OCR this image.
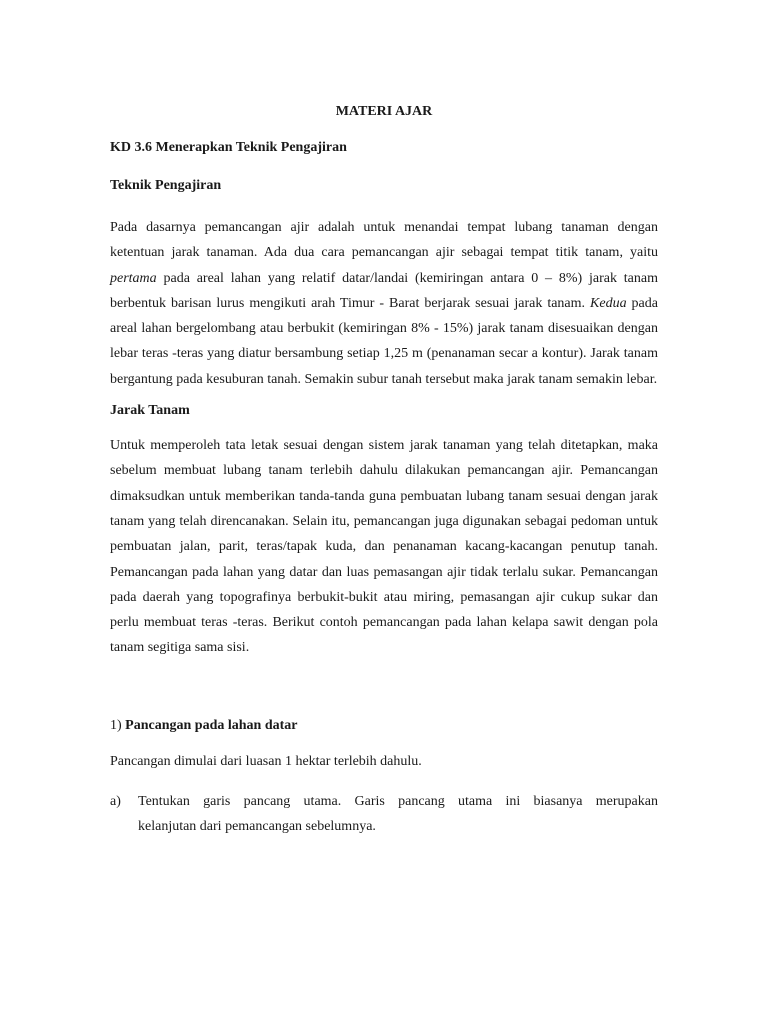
MATERI AJAR
KD 3.6 Menerapkan Teknik Pengajiran
Teknik Pengajiran

Pada dasarnya pemancangan ajir adalah untuk menandai tempat lubang tanaman dengan ketentuan jarak tanaman. Ada dua cara pemancangan ajir sebagai tempat titik tanam, yaitu pertama pada areal lahan yang relatif datar/landai (kemiringan antara 0 – 8%) jarak tanam berbentuk barisan lurus mengikuti arah Timur - Barat berjarak sesuai jarak tanam. Kedua pada areal lahan bergelombang atau berbukit (kemiringan 8% - 15%) jarak tanam disesuaikan dengan lebar teras -teras yang diatur bersambung setiap 1,25 m (penanaman secar a kontur). Jarak tanam bergantung pada kesuburan tanah. Semakin subur tanah tersebut maka jarak tanam semakin lebar.

Jarak Tanam

Untuk memperoleh tata letak sesuai dengan sistem jarak tanaman yang telah ditetapkan, maka sebelum membuat lubang tanam terlebih dahulu dilakukan pemancangan ajir. Pemancangan dimaksudkan untuk memberikan tanda-tanda guna pembuatan lubang tanam sesuai dengan jarak tanam yang telah direncanakan. Selain itu, pemancangan juga digunakan sebagai pedoman untuk pembuatan jalan, parit, teras/tapak kuda, dan penanaman kacang-kacangan penutup tanah. Pemancangan pada lahan yang datar dan luas pemasangan ajir tidak terlalu sukar. Pemancangan pada daerah yang topografinya berbukit-bukit atau miring, pemasangan ajir cukup sukar dan perlu membuat teras -teras. Berikut contoh pemancangan pada lahan kelapa sawit dengan pola tanam segitiga sama sisi.

1) Pancangan pada lahan datar
Pancangan dimulai dari luasan 1 hektar terlebih dahulu.
a)	Tentukan garis pancang utama. Garis pancang utama ini biasanya merupakan
kelanjutan dari pemancangan sebelumnya.
